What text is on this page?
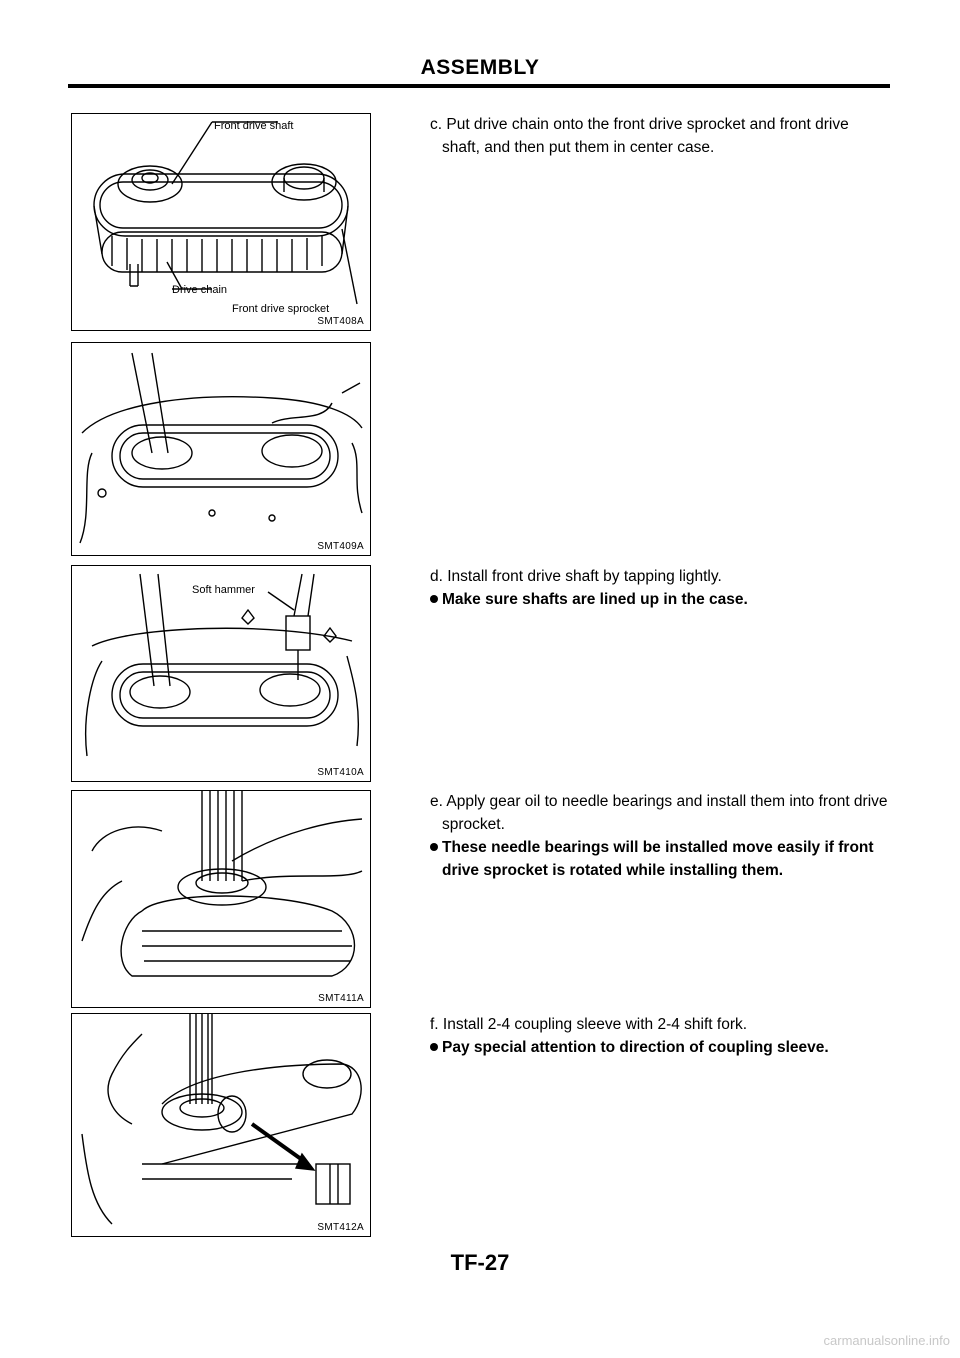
ASSEMBLY
Front drive shaft
Drive chain
Front drive sprocket
SMT408A
SMT409A
Soft hammer
SMT410A
SMT411A
SMT412A
c. Put drive chain onto the front drive sprocket and front drive shaft, and then put them in center case.
d. Install front drive shaft by tapping lightly.
Make sure shafts are lined up in the case.
e. Apply gear oil to needle bearings and install them into front drive sprocket.
These needle bearings will be installed move easily if front drive sprocket is rotated while installing them.
f. Install 2-4 coupling sleeve with 2-4 shift fork.
Pay special attention to direction of coupling sleeve.
TF-27
carmanualsonline.info
